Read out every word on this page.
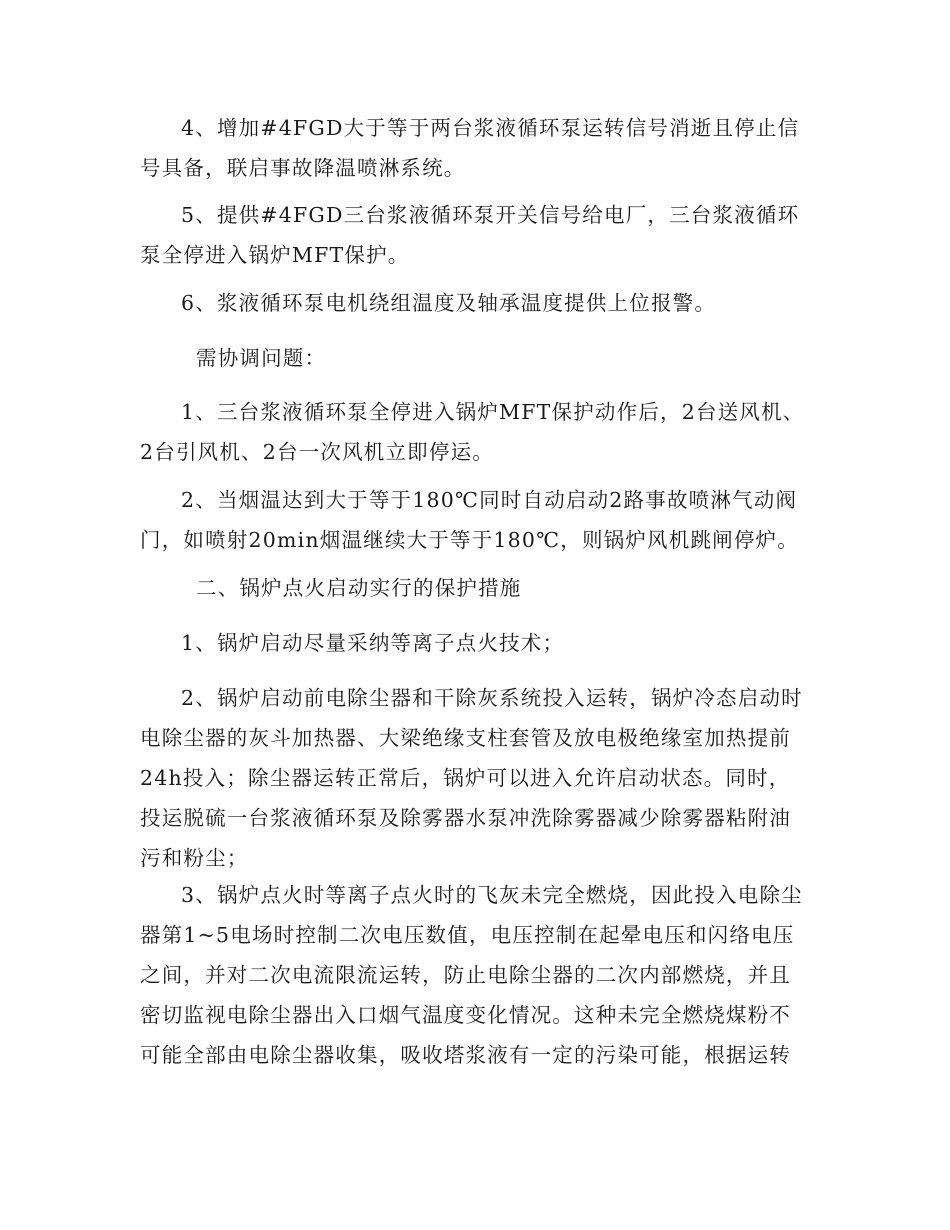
4、增加#4FGD大于等于两台浆液循环泵运转信号消逝且停止信号具备，联启事故降温喷淋系统。

5、提供#4FGD三台浆液循环泵开关信号给电厂，三台浆液循环泵全停进入锅炉MFT保护。

6、浆液循环泵电机绕组温度及轴承温度提供上位报警。

需协调问题：

1、三台浆液循环泵全停进入锅炉MFT保护动作后，2台送风机、2台引风机、2台一次风机立即停运。

2、当烟温达到大于等于180℃同时自动启动2路事故喷淋气动阀门，如喷射20min烟温继续大于等于180℃，则锅炉风机跳闸停炉。

二、锅炉点火启动实行的保护措施

1、锅炉启动尽量采纳等离子点火技术；

2、锅炉启动前电除尘器和干除灰系统投入运转，锅炉冷态启动时电除尘器的灰斗加热器、大梁绝缘支柱套管及放电极绝缘室加热提前24h投入；除尘器运转正常后，锅炉可以进入允许启动状态。同时，投运脱硫一台浆液循环泵及除雾器水泵冲洗除雾器减少除雾器粘附油污和粉尘；

3、锅炉点火时等离子点火时的飞灰未完全燃烧，因此投入电除尘器第1~5电场时控制二次电压数值，电压控制在起晕电压和闪络电压之间，并对二次电流限流运转，防止电除尘器的二次内部燃烧，并且密切监视电除尘器出入口烟气温度变化情况。这种未完全燃烧煤粉不可能全部由电除尘器收集，吸收塔浆液有一定的污染可能，根据运转
